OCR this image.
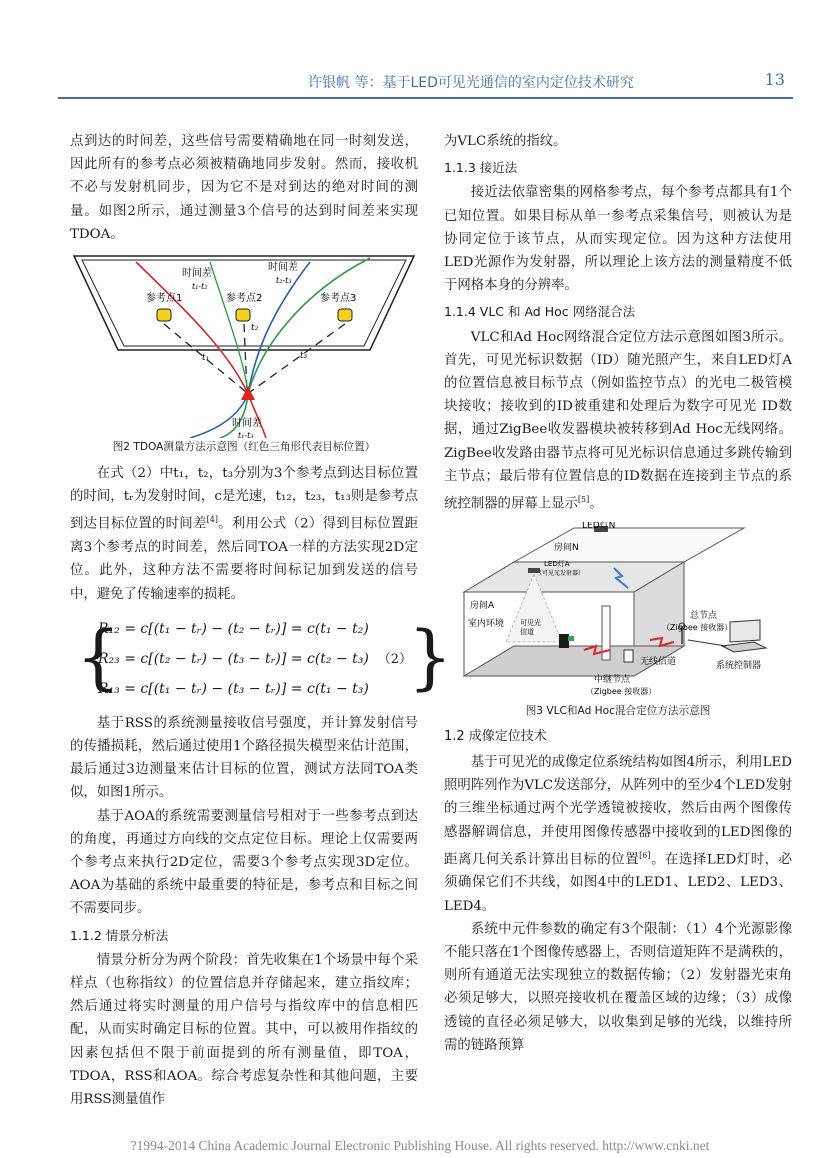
许银帆 等：基于LED可见光通信的室内定位技术研究	13

点到达的时间差，这些信号需要精确地在同一时刻发送，因此所有的参考点必须被精确地同步发射。然而，接收机不必与发射机同步，因为它不是对到达的绝对时间的测量。如图2所示，通过测量3个信号的达到时间差来实现TDOA。

参考点1	参考点2	参考点3
时间差
t₁-t₂
时间差
t₂-t₃
时间差
t₁-t₃
t₁
t₂
t₃
图2 TDOA测量方法示意图（红色三角形代表目标位置）

在式（2）中t₁，t₂，t₃分别为3个参考点到达目标位置的时间，tᵣ为发射时间，c是光速，t₁₂，t₂₃，t₁₃则是参考点到达目标位置的时间差[4]。利用公式（2）得到目标位置距离3个参考点的时间差，然后同TOA一样的方法实现2D定位。此外，这种方法不需要将时间标记加到发送的信号中，避免了传输速率的损耗。

{
R₁₂ = c[(t₁ − tᵣ) − (t₂ − tᵣ)] = c(t₁ − t₂)
R₂₃ = c[(t₂ − tᵣ) − (t₃ − tᵣ)] = c(t₂ − t₃)
R₁₃ = c[(t₁ − tᵣ) − (t₃ − tᵣ)] = c(t₁ − t₃) }
（2）

基于RSS的系统测量接收信号强度，并计算发射信号的传播损耗，然后通过使用1个路径损失模型来估计范围，最后通过3边测量来估计目标的位置，测试方法同TOA类似，如图1所示。

基于AOA的系统需要测量信号相对于一些参考点到达的角度，再通过方向线的交点定位目标。理论上仅需要两个参考点来执行2D定位，需要3个参考点实现3D定位。AOA为基础的系统中最重要的特征是，参考点和目标之间不需要同步。

1.1.2 情景分析法

情景分析分为两个阶段：首先收集在1个场景中每个采样点（也称指纹）的位置信息并存储起来，建立指纹库；然后通过将实时测量的用户信号与指纹库中的信息相匹配，从而实时确定目标的位置。其中，可以被用作指纹的因素包括但不限于前面提到的所有测量值，即TOA，TDOA，RSS和AOA。综合考虑复杂性和其他问题，主要用RSS测量值作

为VLC系统的指纹。

1.1.3 接近法

接近法依靠密集的网格参考点，每个参考点都具有1个已知位置。如果目标从单一参考点采集信号，则被认为是协同定位于该节点，从而实现定位。因为这种方法使用LED光源作为发射器，所以理论上该方法的测量精度不低于网格本身的分辨率。

1.1.4 VLC 和 Ad Hoc 网络混合法

VLC和Ad Hoc网络混合定位方法示意图如图3所示。首先，可见光标识数据（ID）随光照产生，来自LED灯A的位置信息被目标节点（例如监控节点）的光电二极管模块接收；接收到的ID被重建和处理后为数字可见光 ID数据，通过ZigBee收发器模块被转移到Ad Hoc无线网络。ZigBee收发路由器节点将可见光标识信息通过多跳传输到主节点；最后带有位置信息的ID数据在连接到主节点的系统控制器的屏幕上显示[5]。

LED灯N
房间N
LED灯A
（可见光发射器）
房间A
室内环境 可见光
信道
总节点
（Zigbee 接收器）
无线信道
中继节点
（Zigbee 接收器）
系统控制器
图3 VLC和Ad Hoc混合定位方法示意图
1.2 成像定位技术

基于可见光的成像定位系统结构如图4所示，利用LED照明阵列作为VLC发送部分，从阵列中的至少4个LED发射的三维坐标通过两个光学透镜被接收，然后由两个图像传感器解调信息，并使用图像传感器中接收到的LED图像的距离几何关系计算出目标的位置[6]。在选择LED灯时，必须确保它们不共线，如图4中的LED1、LED2、LED3、LED4。

系统中元件参数的确定有3个限制：（1）4个光源影像不能只落在1个图像传感器上，否则信道矩阵不是满秩的，则所有通道无法实现独立的数据传输；（2）发射器光束角必须足够大，以照亮接收机在覆盖区域的边缘；（3）成像透镜的直径必须足够大，以收集到足够的光线，以维持所需的链路预算

?1994-2014 China Academic Journal Electronic Publishing House. All rights reserved. http://www.cnki.net
